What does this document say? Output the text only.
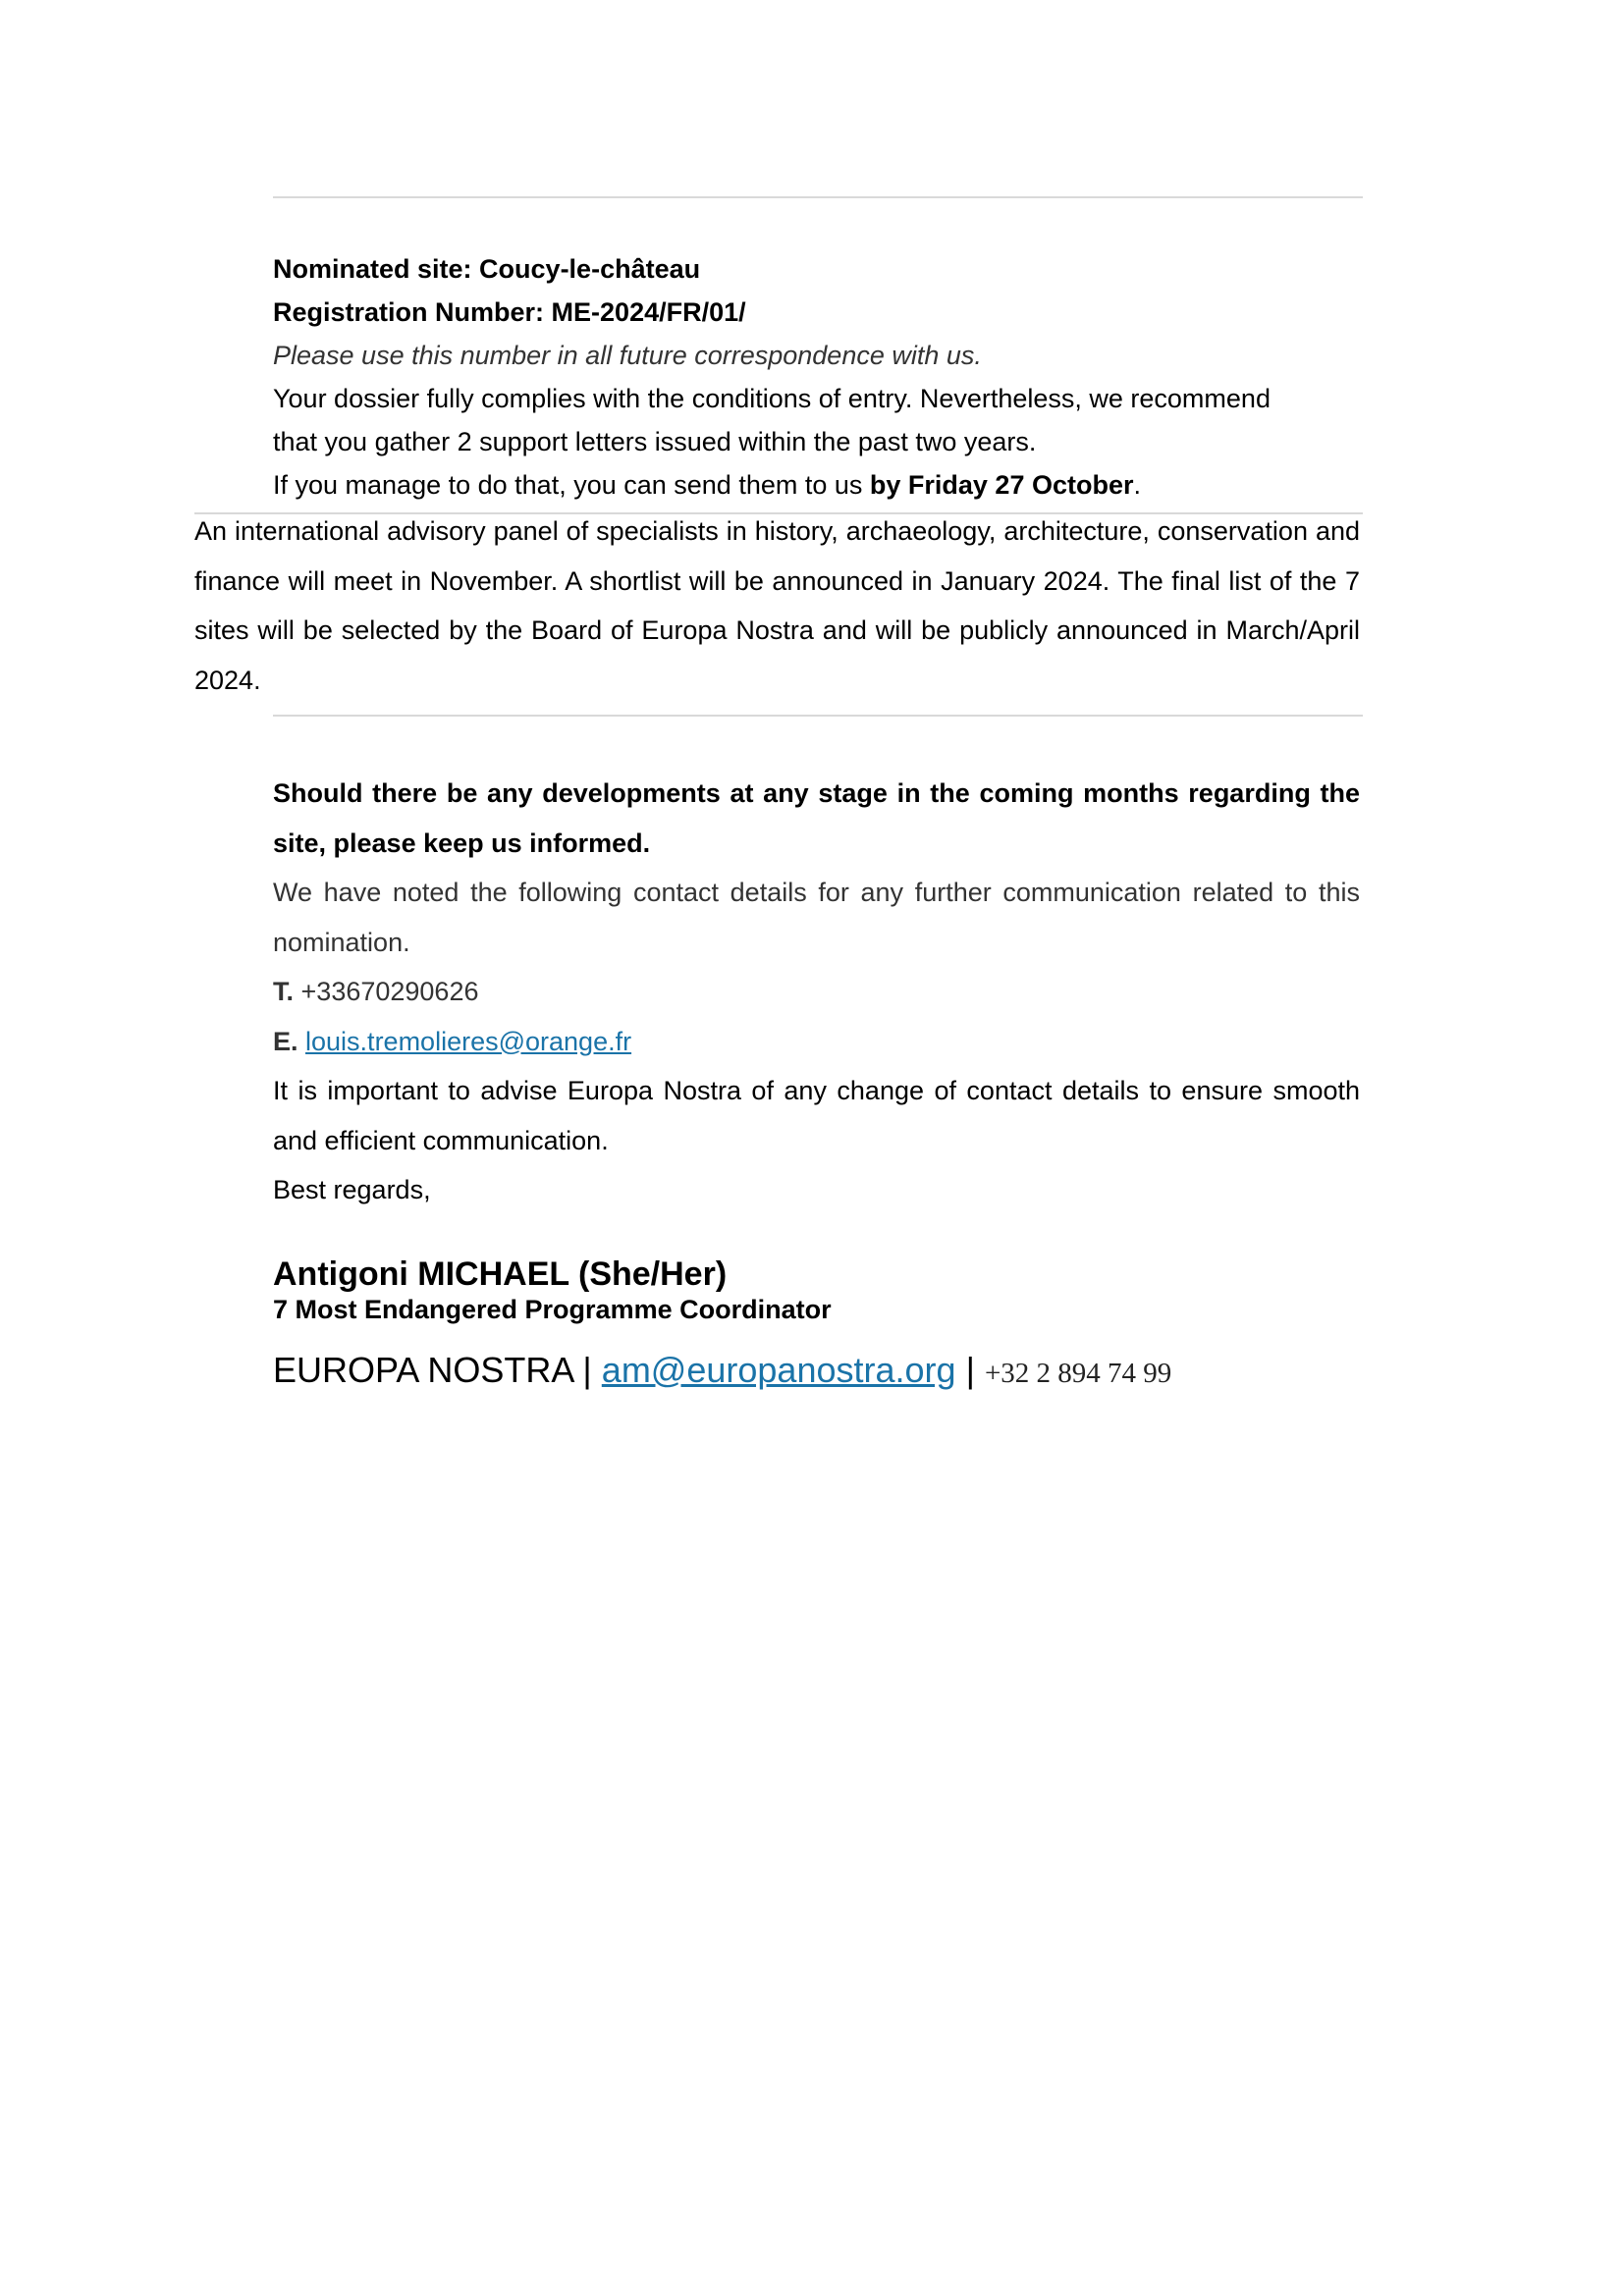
Nominated site: Coucy-le-château
Registration Number: ME-2024/FR/01/
Please use this number in all future correspondence with us.
Your dossier fully complies with the conditions of entry. Nevertheless, we recommend
that you gather 2 support letters issued within the past two years.
If you manage to do that, you can send them to us by Friday 27 October.
An international advisory panel of specialists in history, archaeology, architecture, conservation and finance will meet in November. A shortlist will be announced in January 2024. The final list of the 7 sites will be selected by the Board of Europa Nostra and will be publicly announced in March/April 2024.
Should there be any developments at any stage in the coming months regarding the site, please keep us informed.
We have noted the following contact details for any further communication related to this nomination.
T. +33670290626
E. louis.tremolieres@orange.fr
It is important to advise Europa Nostra of any change of contact details to ensure smooth and efficient communication.
Best regards,
Antigoni MICHAEL (She/Her)
7 Most Endangered Programme Coordinator
EUROPA NOSTRA | am@europanostra.org | +32 2 894 74 99
